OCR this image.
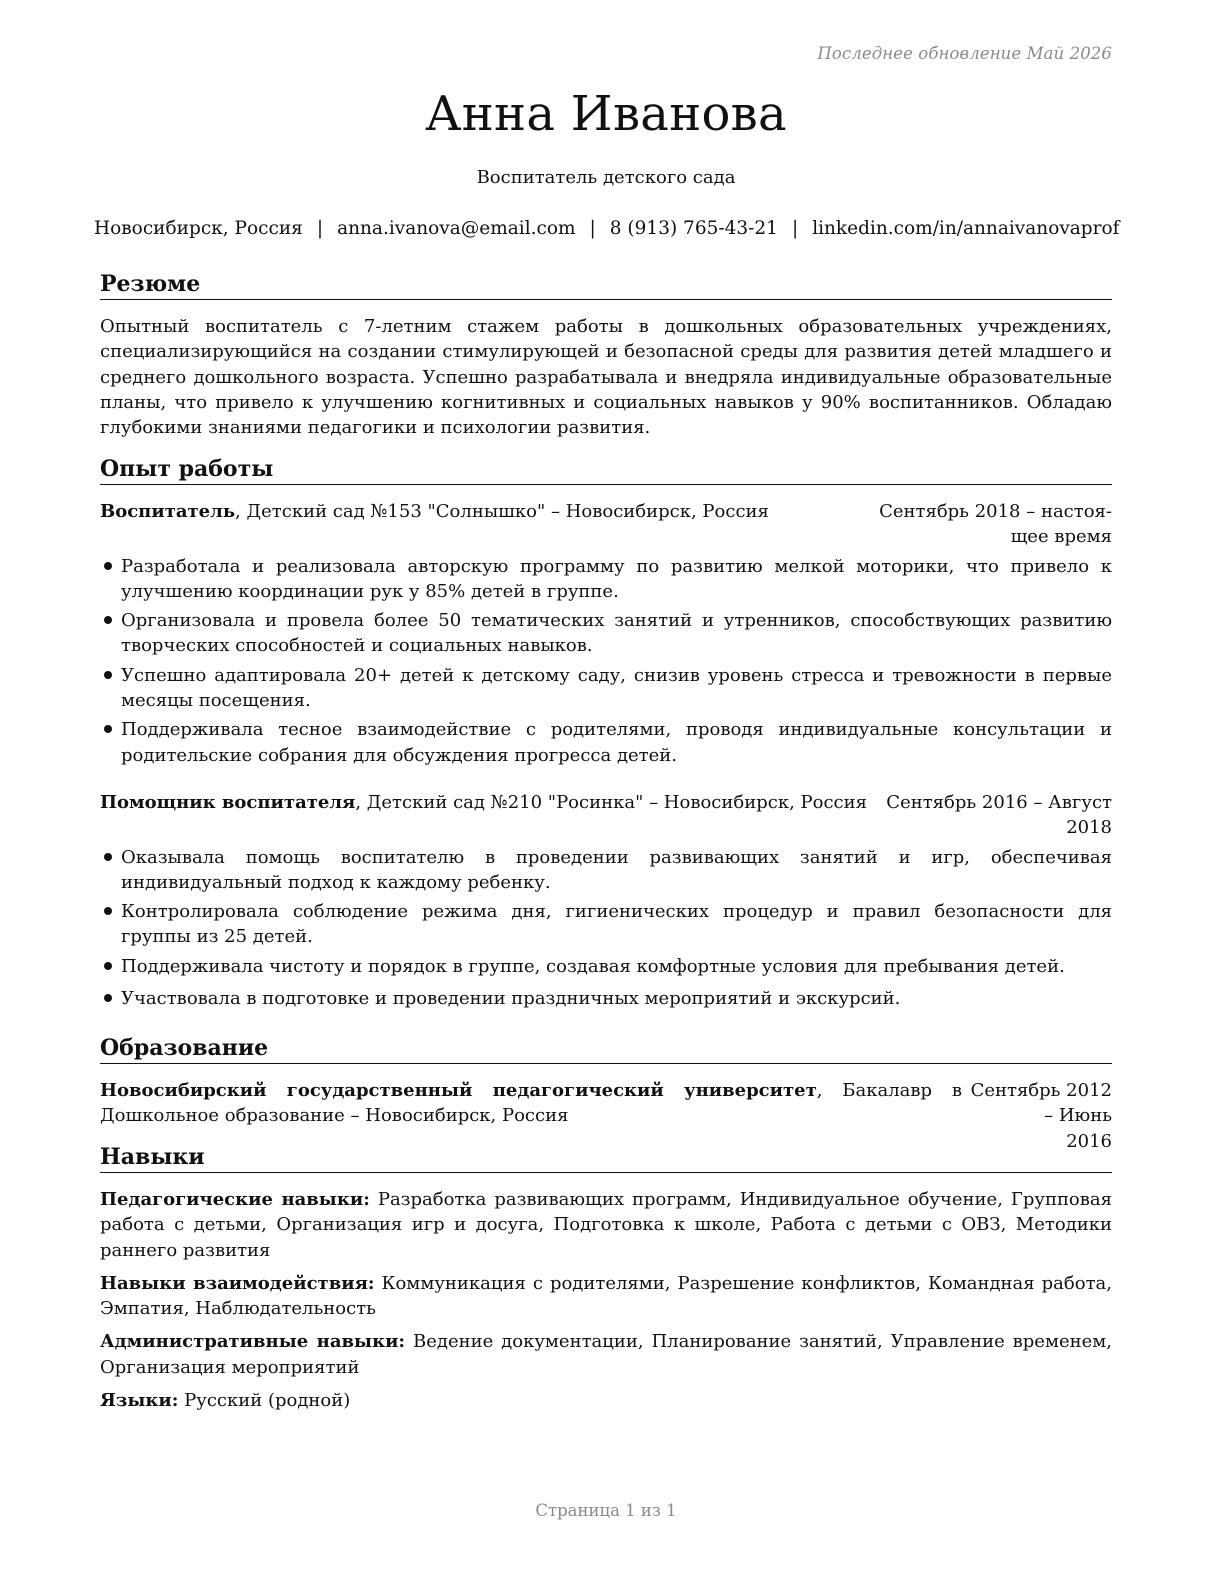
Последнее обновление Май 2026
Анна Иванова
Воспитатель детского сада
Новосибирск, Россия | anna.ivanova@email.com | 8 (913) 765-43-21 | linkedin.com/in/annaivanovaprof
Резюме

Опытный воспитатель с 7-летним стажем работы в дошкольных образовательных учреждениях, специализирующийся на создании стимулирующей и безопасной среды для развития детей младшего и среднего дошкольного возраста. Успешно разрабатывала и внедряла индивидуальные образовательные планы, что привело к улучшению когнитивных и социальных навыков у 90% воспитанников. Обладаю глубокими знаниями педагогики и психологии развития.

Опыт работы
Воспитатель, Детский сад №153 "Солнышко" – Новосибирск, Россия	Сентябрь 2018 – настоя-
щее время
Разработала и реализовала авторскую программу по развитию мелкой моторики, что привело к улучшению координации рук у 85% детей в группе.
Организовала и провела более 50 тематических занятий и утренников, способствующих развитию творческих способностей и социальных навыков.
Успешно адаптировала 20+ детей к детскому саду, снизив уровень стресса и тревожности в первые месяцы посещения.
Поддерживала тесное взаимодействие с родителями, проводя индивидуальные консультации и родительские собрания для обсуждения прогресса детей.
Помощник воспитателя, Детский сад №210 "Росинка" – Новосибирск, Россия	Сентябрь 2016 – Август
2018
Оказывала помощь воспитателю в проведении развивающих занятий и игр, обеспечивая индивидуальный подход к каждому ребенку.
Контролировала соблюдение режима дня, гигиенических процедур и правил безопасности для группы из 25 детей.
Поддерживала чистоту и порядок в группе, создавая комфортные условия для пребывания детей.
Участвовала в подготовке и проведении праздничных мероприятий и экскурсий.
Образование
Новосибирский государственный педагогический университет, Бакалавр в Дошкольное образование – Новосибирск, Россия
Сентябрь 2012 – Июнь
2016
Навыки

Педагогические навыки: Разработка развивающих программ, Индивидуальное обучение, Групповая работа с детьми, Организация игр и досуга, Подготовка к школе, Работа с детьми с ОВЗ, Методики раннего развития

Навыки взаимодействия: Коммуникация с родителями, Разрешение конфликтов, Командная работа, Эмпатия, Наблюдательность

Административные навыки: Ведение документации, Планирование занятий, Управление временем, Организация мероприятий

Языки: Русский (родной)

Страница 1 из 1
